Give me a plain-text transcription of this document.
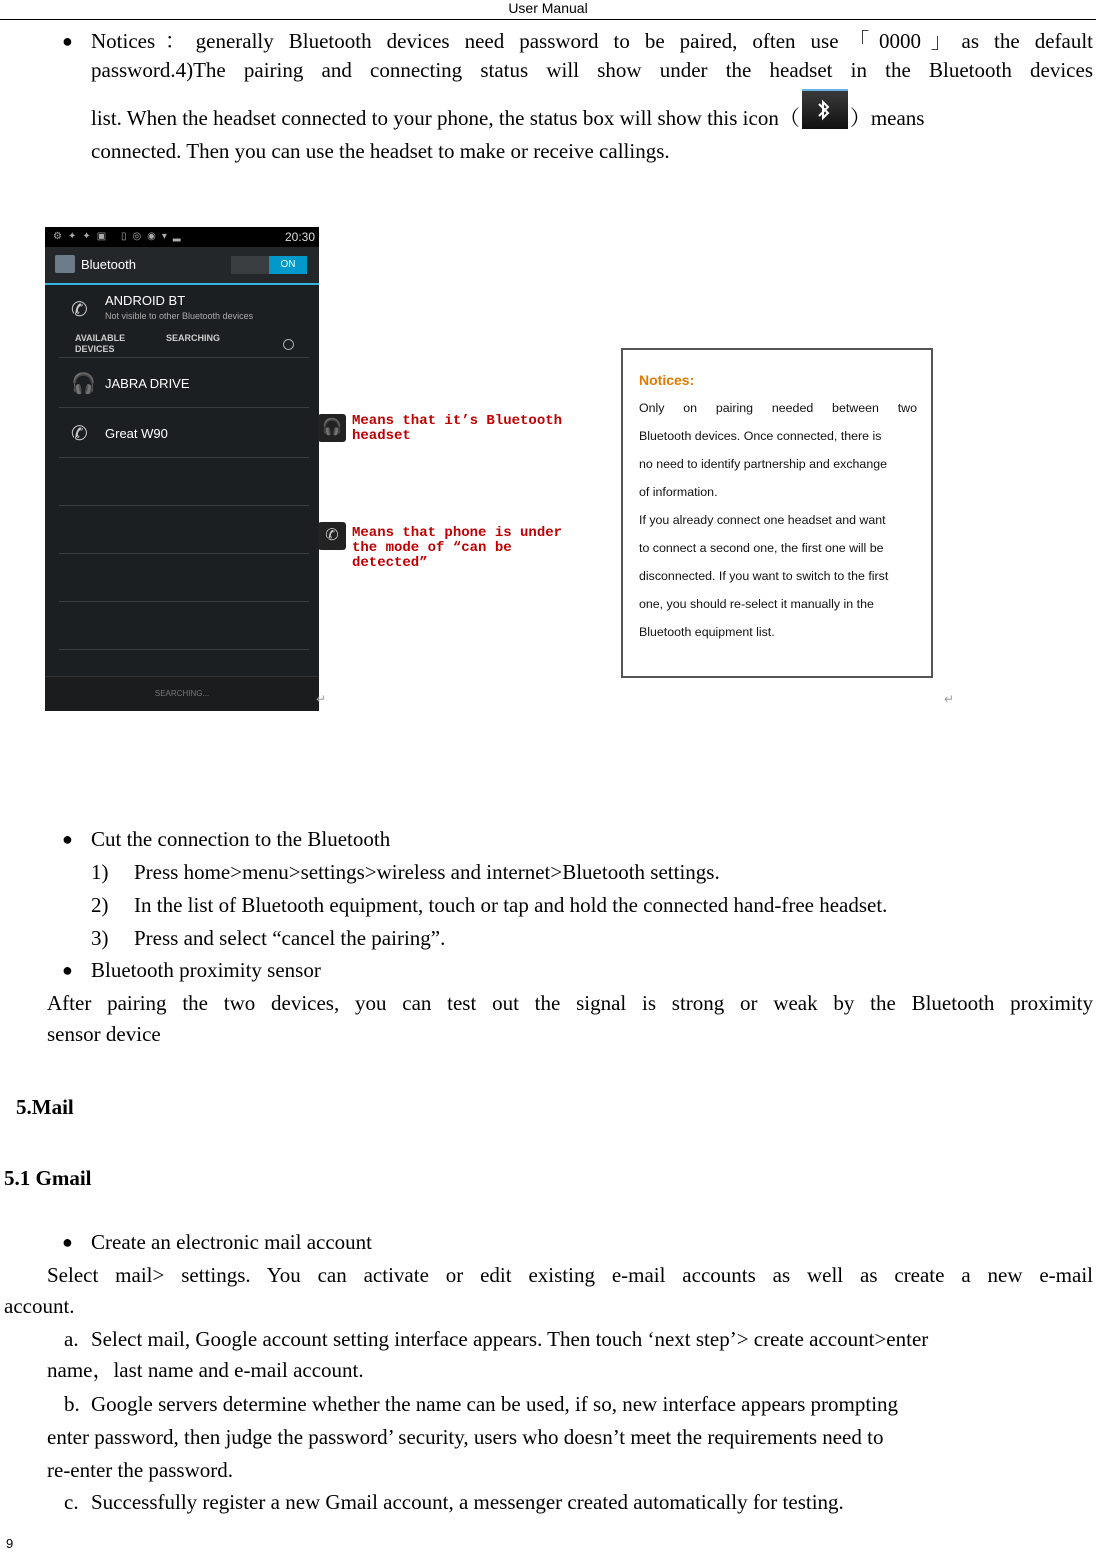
User Manual
● Notices：generally Bluetooth devices need password to be paired, often use「0000」as the default
password.4)The pairing and connecting status will show under the headset in the Bluetooth devices
list. When the headset connected to your phone, the status box will show this icon（ ）means
connected. Then you can use the headset to make or receive callings.
⚙✦✦▣ ▯◎◉▾▂	20:30
Bluetooth	ON
✆ ANDROID BT
Not visible to other Bluetooth devices
AVAILABLE
DEVICES
SEARCHING
🎧 JABRA DRIVE
✆ Great W90
SEARCHING...	↵
🎧 Means that it’s Bluetooth
headset
✆ Means that phone is under
the mode of “can be
detected”
Notices:
Only on pairing needed between two
Bluetooth devices. Once connected, there is
no need to identify partnership and exchange
of information.
If you already connect one headset and want
to connect a second one, the first one will be
disconnected. If you want to switch to the first
one, you should re-select it manually in the
Bluetooth equipment list.
↵
● Cut the connection to the Bluetooth
1) Press home>menu>settings>wireless and internet>Bluetooth settings.
2) In the list of Bluetooth equipment, touch or tap and hold the connected hand-free headset.
3) Press and select “cancel the pairing”.
● Bluetooth proximity sensor
After pairing the two devices, you can test out the signal is strong or weak by the Bluetooth proximity
sensor device
5.Mail
5.1 Gmail
● Create an electronic mail account
Select mail> settings. You can activate or edit existing e-mail accounts as well as create a new e-mail
account.
a. Select mail, Google account setting interface appears. Then touch ‘next step’> create account>enter
name，last name and e-mail account.
b. Google servers determine whether the name can be used, if so, new interface appears prompting
enter password, then judge the password’ security, users who doesn’t meet the requirements need to
re-enter the password.
c. Successfully register a new Gmail account, a messenger created automatically for testing.
9
